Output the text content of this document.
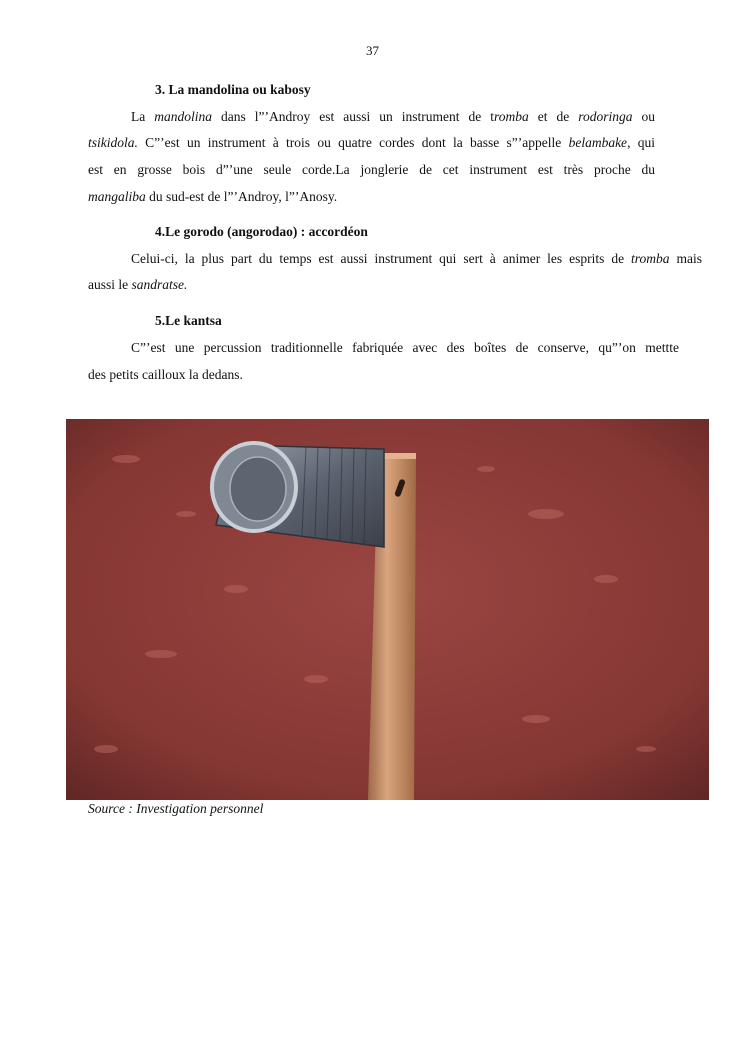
37
3. La mandolina ou kabosy
La mandolina dans l”’Androy est aussi un instrument de tromba et de rodoringa ou
tsikidola. C”’est un instrument à trois ou quatre cordes dont la basse s”’appelle belambake, qui
est en grosse bois d”’une seule corde.La jonglerie de cet instrument est très proche du
mangaliba du sud-est de l”’Androy, l”’Anosy.
4.Le gorodo (angorodao) : accordéon
Celui-ci, la plus part du temps est aussi instrument qui sert à animer les esprits de tromba mais
aussi le sandratse.
5.Le kantsa
C”’est une percussion traditionnelle fabriquée avec des boîtes de conserve, qu”’on mettte
des petits cailloux la dedans.
Source : Investigation personnel
